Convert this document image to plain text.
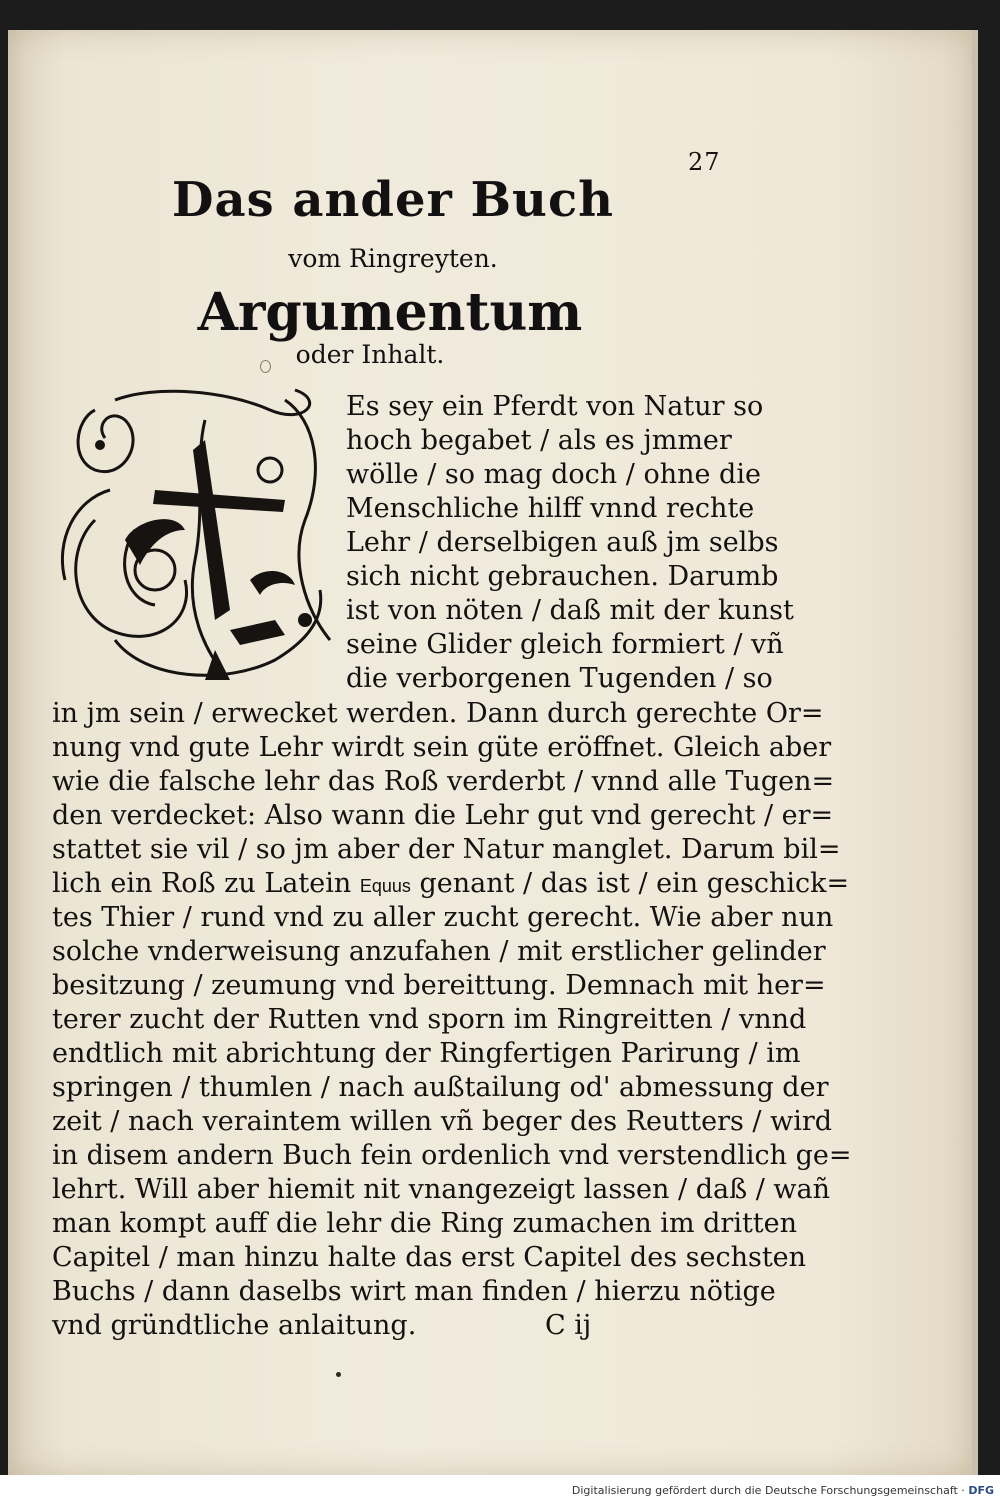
27
Das ander Buch
vom Ringreyten.
Argumentum
oder Inhalt.
Es sey ein Pferdt von Natur so
hoch begabet / als es jmmer
wölle / so mag doch / ohne die
Menschliche hilff vnnd rechte
Lehr / derselbigen auß jm selbs
sich nicht gebrauchen. Darumb
ist von nöten / daß mit der kunst
seine Glider gleich formiert / vñ
die verborgenen Tugenden / so
in jm sein / erwecket werden. Dann durch gerechte Or=
nung vnd gute Lehr wirdt sein güte eröffnet. Gleich aber
wie die falsche lehr das Roß verderbt / vnnd alle Tugen=
den verdecket: Also wann die Lehr gut vnd gerecht / er=
stattet sie vil / so jm aber der Natur manglet. Darum bil=
lich ein Roß zu Latein Equus genant / das ist / ein geschick=
tes Thier / rund vnd zu aller zucht gerecht. Wie aber nun
solche vnderweisung anzufahen / mit erstlicher gelinder
besitzung / zeumung vnd bereittung. Demnach mit her=
terer zucht der Rutten vnd sporn im Ringreitten / vnnd
endtlich mit abrichtung der Ringfertigen Parirung / im
springen / thumlen / nach außtailung od' abmessung der
zeit / nach veraintem willen vñ beger des Reutters / wird
in disem andern Buch fein ordenlich vnd verstendlich ge=
lehrt. Will aber hiemit nit vnangezeigt lassen / daß / wañ
man kompt auff die lehr die Ring zumachen im dritten
Capitel / man hinzu halte das erst Capitel des sechsten
Buchs / dann daselbs wirt man finden / hierzu nötige
vnd gründtliche anlaitung.	C ij
Digitalisierung gefördert durch die Deutsche Forschungsgemeinschaft · DFG
